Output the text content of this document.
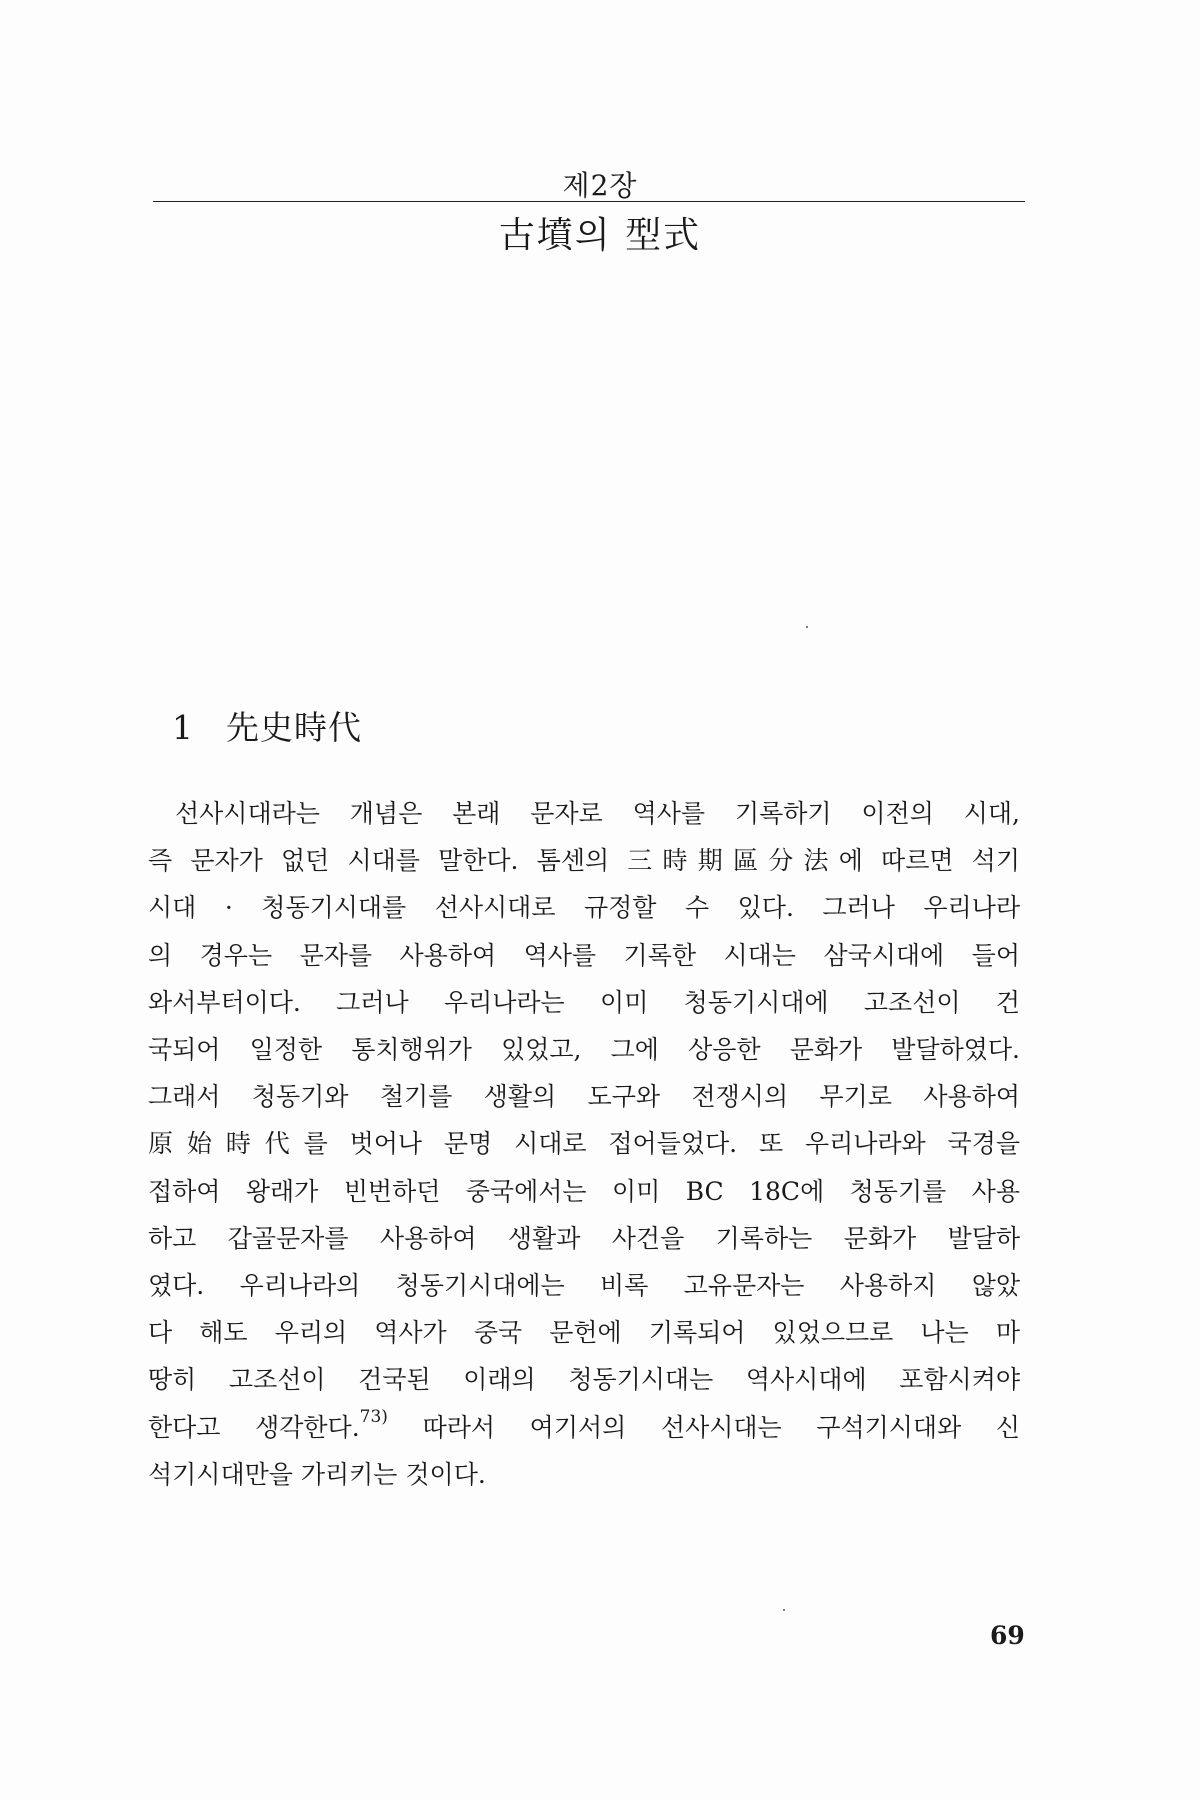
제2장
古墳의 型式
1 先史時代
선사시대라는 개념은 본래 문자로 역사를 기록하기 이전의 시대,
즉 문자가 없던 시대를 말한다. 톰센의 三時期區分法에 따르면 석기
시대 · 청동기시대를 선사시대로 규정할 수 있다. 그러나 우리나라
의 경우는 문자를 사용하여 역사를 기록한 시대는 삼국시대에 들어
와서부터이다. 그러나 우리나라는 이미 청동기시대에 고조선이 건
국되어 일정한 통치행위가 있었고, 그에 상응한 문화가 발달하였다.
그래서 청동기와 철기를 생활의 도구와 전쟁시의 무기로 사용하여
原始時代를 벗어나 문명 시대로 접어들었다. 또 우리나라와 국경을
접하여 왕래가 빈번하던 중국에서는 이미 BC 18C에 청동기를 사용
하고 갑골문자를 사용하여 생활과 사건을 기록하는 문화가 발달하
였다. 우리나라의 청동기시대에는 비록 고유문자는 사용하지 않았
다 해도 우리의 역사가 중국 문헌에 기록되어 있었으므로 나는 마
땅히 고조선이 건국된 이래의 청동기시대는 역사시대에 포함시켜야
한다고 생각한다.$^{73)}$ 따라서 여기서의 선사시대는 구석기시대와 신
석기시대만을 가리키는 것이다.
69
